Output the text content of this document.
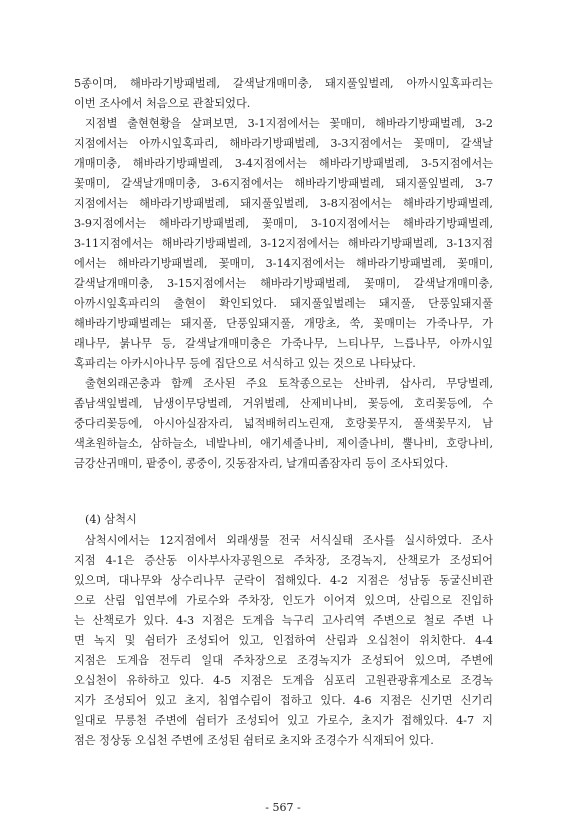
5종이며, 해바라기방패벌레, 갈색날개매미충, 돼지풀잎벌레, 아까시잎혹파리는
이번 조사에서 처음으로 관찰되었다.
지점별 출현현황을 살펴보면, 3-1지점에서는 꽃매미, 해바라기방패벌레, 3-2
지점에서는 아까시잎혹파리, 해바라기방패벌레, 3-3지점에서는 꽃매미, 갈색날
개매미충, 해바라기방패벌레, 3-4지점에서는 해바라기방패벌레, 3-5지점에서는
꽃매미, 갈색날개매미충, 3-6지점에서는 해바라기방패벌레, 돼지풀잎벌레, 3-7
지점에서는 해바라기방패벌레, 돼지풀잎벌레, 3-8지점에서는 해바라기방패벌레,
3-9지점에서는 해바라기방패벌레, 꽃매미, 3-10지점에서는 해바라기방패벌레,
3-11지점에서는 해바라기방패벌레, 3-12지점에서는 해바라기방패벌레, 3-13지점
에서는 해바라기방패벌레, 꽃매미, 3-14지점에서는 해바라기방패벌레, 꽃매미,
갈색날개매미충, 3-15지점에서는 해바라기방패벌레, 꽃매미, 갈색날개매미충,
아까시잎혹파리의 출현이 확인되었다. 돼지풀잎벌레는 돼지풀, 단풍잎돼지풀
해바라기방패벌레는 돼지풀, 단풍잎돼지풀, 개망초, 쑥, 꽃매미는 가죽나무, 가
래나무, 붉나무 등, 갈색날개매미충은 가죽나무, 느티나무, 느릅나무, 아까시잎
혹파리는 아카시아나무 등에 집단으로 서식하고 있는 것으로 나타났다.
출현외래곤충과 함께 조사된 주요 토착종으로는 산바퀴, 삽사리, 무당벌레,
좀남색잎벌레, 남생이무당벌레, 거위벌레, 산제비나비, 꽃등에, 호리꽃등에, 수
중다리꽃등에, 아시아실잠자리, 넓적배허리노린재, 호랑꽃무지, 풀색꽃무지, 남
색초원하늘소, 삼하늘소, 네발나비, 애기세줄나비, 제이줄나비, 뿔나비, 호랑나비,
금강산귀매미, 팥중이, 콩중이, 깃동잠자리, 날개띠좀잠자리 등이 조사되었다.
(4) 삼척시
삼척시에서는 12지점에서 외래생물 전국 서식실태 조사를 실시하였다. 조사
지점 4-1은 증산동 이사부사자공원으로 주차장, 조경녹지, 산책로가 조성되어
있으며, 대나무와 상수리나무 군락이 접해있다. 4-2 지점은 성남동 동굴신비관
으로 산림 입연부에 가로수와 주차장, 인도가 이어져 있으며, 산림으로 진입하
는 산책로가 있다. 4-3 지점은 도계읍 늑구리 고사리역 주변으로 철로 주변 나
면 녹지 및 쉼터가 조성되어 있고, 인접하여 산림과 오십천이 위치한다. 4-4
지점은 도계읍 전두리 일대 주차장으로 조경녹지가 조성되어 있으며, 주변에
오십천이 유하하고 있다. 4-5 지점은 도계읍 심포리 고원관광휴게소로 조경녹
지가 조성되어 있고 초지, 침엽수림이 접하고 있다. 4-6 지점은 신기면 신기리
일대로 무릉천 주변에 쉼터가 조성되어 있고 가로수, 초지가 접해있다. 4-7 지
점은 정상동 오십천 주변에 조성된 쉼터로 초지와 조경수가 식재되어 있다.
- 567 -
